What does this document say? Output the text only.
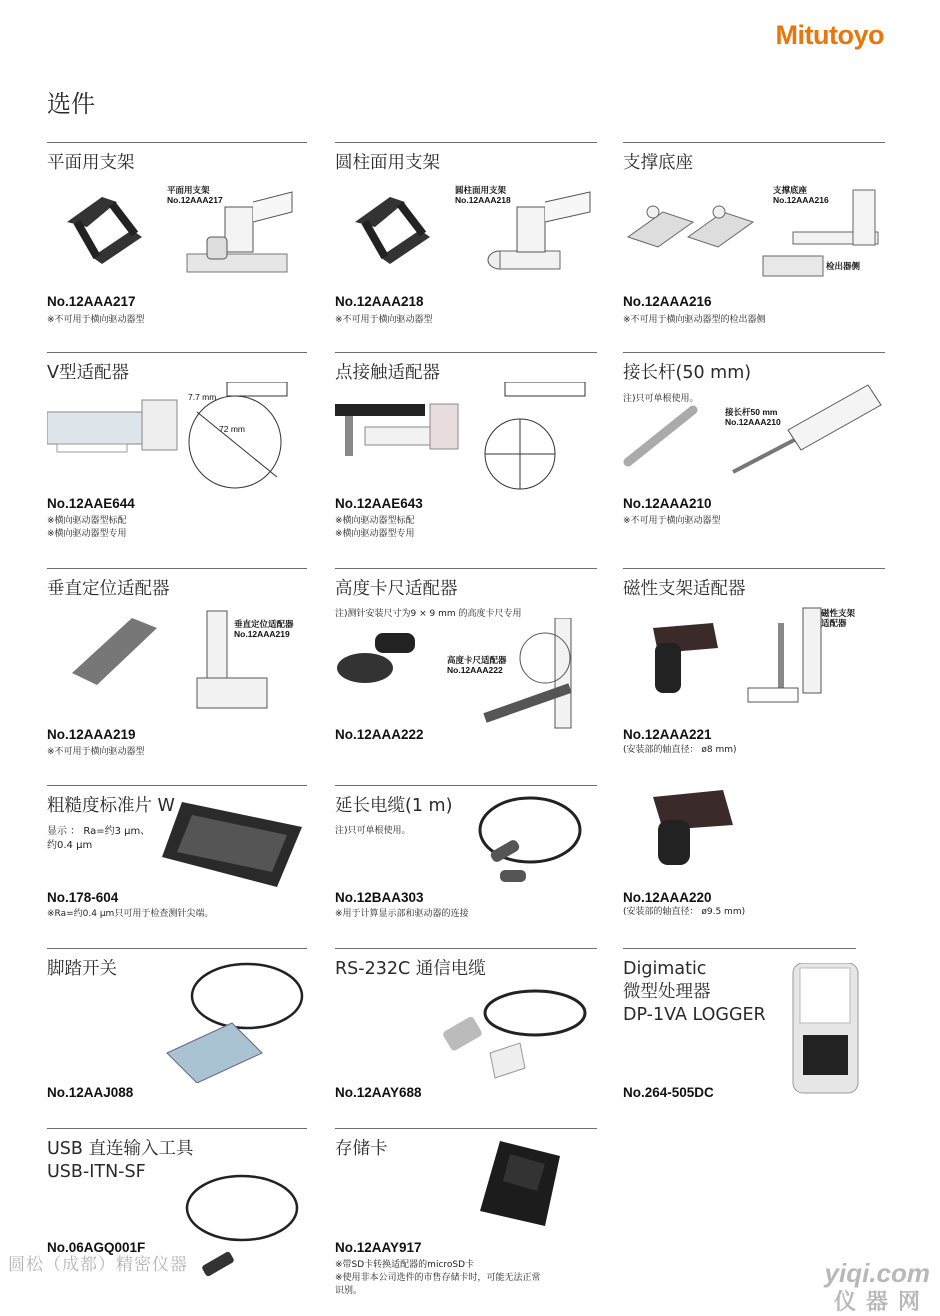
Mitutoyo
选件
平面用支架
平面用支架
No.12AAA217
No.12AAA217
※不可用于横向驱动器型
圆柱面用支架
圆柱面用支架
No.12AAA218
No.12AAA218
※不可用于横向驱动器型
支撑底座
支撑底座
No.12AAA216
检出器侧
No.12AAA216
※不可用于横向驱动器型的检出器侧
V型适配器
7.7 mm
72 mm
No.12AAE644
※横向驱动器型标配
※横向驱动器型专用
点接触适配器
No.12AAE643
※横向驱动器型标配
※横向驱动器型专用
接长杆(50 mm)
注)只可单根使用。
接长杆50 mm
No.12AAA210
No.12AAA210
※不可用于横向驱动器型
垂直定位适配器
垂直定位适配器
No.12AAA219
No.12AAA219
※不可用于横向驱动器型
高度卡尺适配器
注)测针安装尺寸为9 × 9 mm 的高度卡尺专用
高度卡尺适配器
No.12AAA222
No.12AAA222
磁性支架适配器
磁性支架
适配器
No.12AAA221
(安装部的轴直径： ø8 mm)
粗糙度标准片 W
显示 ： Ra=约3 μm、
约0.4 μm
No.178-604
※Ra=约0.4 μm只可用于检查测针尖端。
延长电缆(1 m)
注)只可单根使用。
No.12BAA303
※用于计算显示部和驱动器的连接
No.12AAA220
(安装部的轴直径： ø9.5 mm)
脚踏开关
No.12AAJ088
RS-232C 通信电缆
No.12AAY688
Digimatic
微型处理器
DP-1VA LOGGER
No.264-505DC
USB 直连输入工具
USB-ITN-SF
No.06AGQ001F
存储卡
No.12AAY917
※带SD卡转换适配器的microSD卡
※使用非本公司选件的市售存储卡时，可能无法正常
识别。
圆松（成都）精密仪器	yiqi.com
仪器网
